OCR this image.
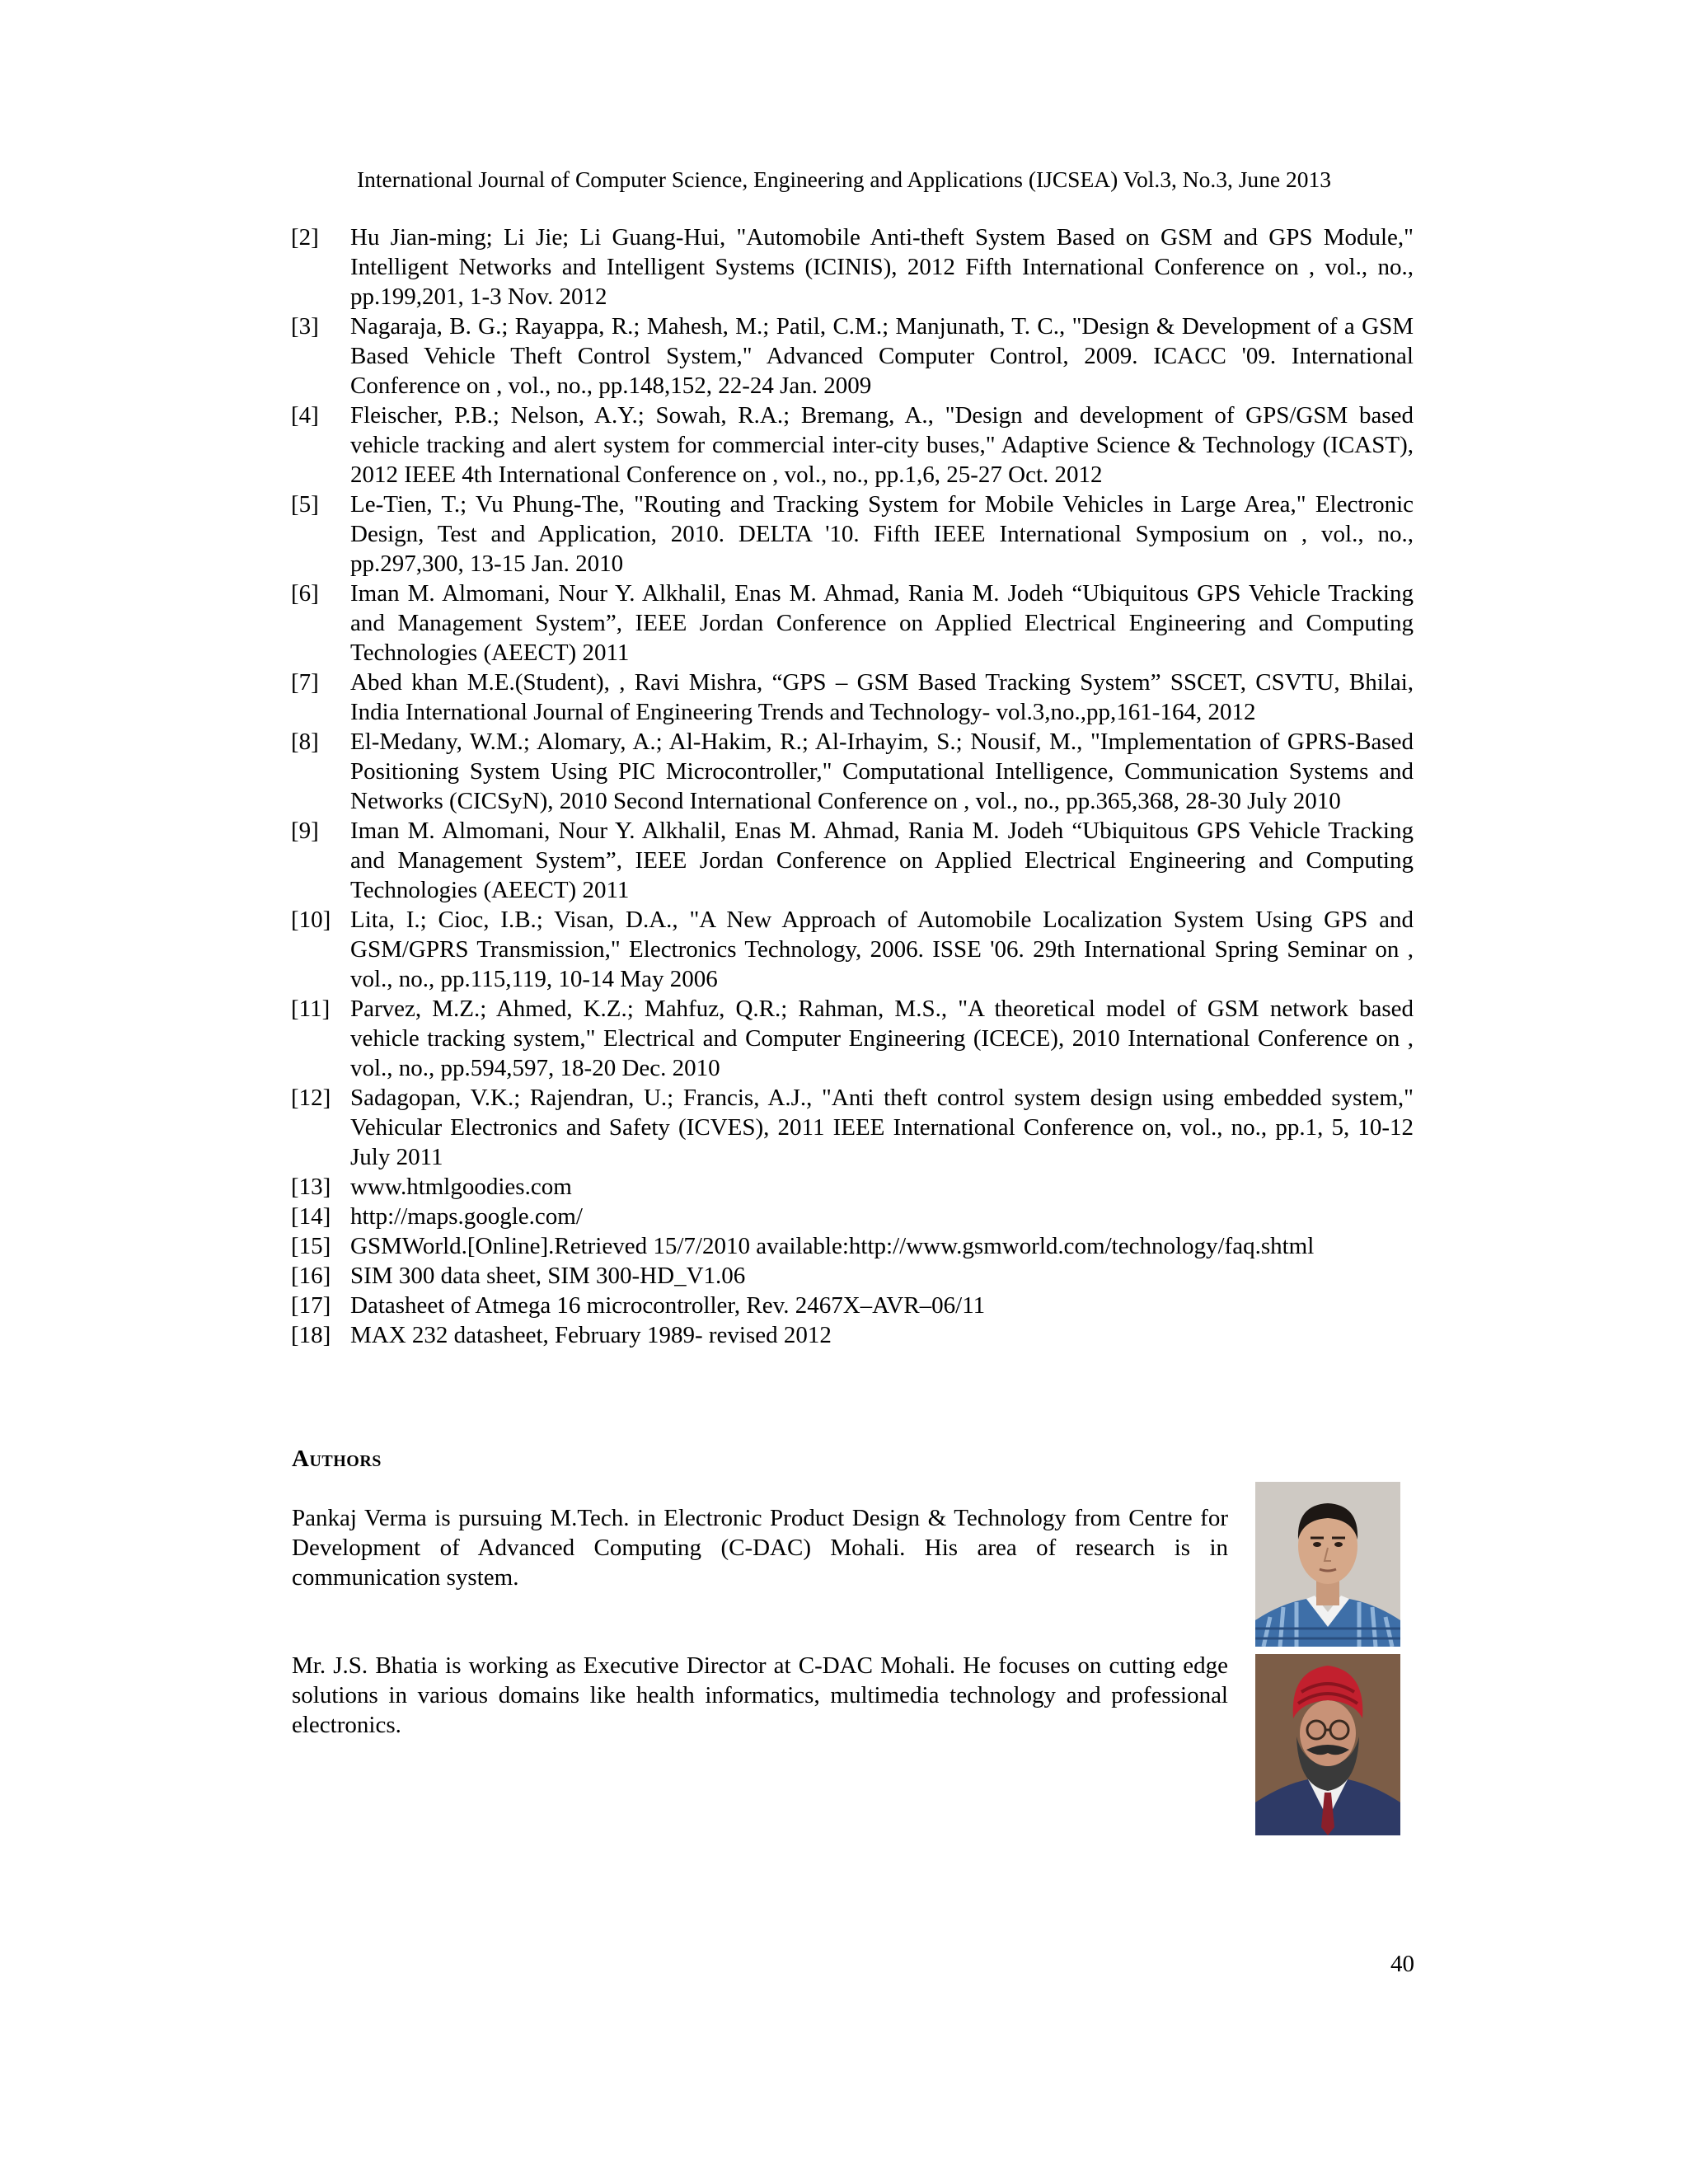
International Journal of Computer Science, Engineering and Applications (IJCSEA) Vol.3, No.3, June 2013
[2] Hu Jian-ming; Li Jie; Li Guang-Hui, "Automobile Anti-theft System Based on GSM and GPS Module," Intelligent Networks and Intelligent Systems (ICINIS), 2012 Fifth International Conference on , vol., no., pp.199,201, 1-3 Nov. 2012
[3] Nagaraja, B. G.; Rayappa, R.; Mahesh, M.; Patil, C.M.; Manjunath, T. C., "Design & Development of a GSM Based Vehicle Theft Control System," Advanced Computer Control, 2009. ICACC '09. International Conference on , vol., no., pp.148,152, 22-24 Jan. 2009
[4] Fleischer, P.B.; Nelson, A.Y.; Sowah, R.A.; Bremang, A., "Design and development of GPS/GSM based vehicle tracking and alert system for commercial inter-city buses," Adaptive Science & Technology (ICAST), 2012 IEEE 4th International Conference on , vol., no., pp.1,6, 25-27 Oct. 2012
[5] Le-Tien, T.; Vu Phung-The, "Routing and Tracking System for Mobile Vehicles in Large Area," Electronic Design, Test and Application, 2010. DELTA '10. Fifth IEEE International Symposium on , vol., no., pp.297,300, 13-15 Jan. 2010
[6] Iman M. Almomani, Nour Y. Alkhalil, Enas M. Ahmad, Rania M. Jodeh “Ubiquitous GPS Vehicle Tracking and Management System”, IEEE Jordan Conference on Applied Electrical Engineering and Computing Technologies (AEECT) 2011
[7] Abed khan M.E.(Student), , Ravi Mishra, “GPS – GSM Based Tracking System” SSCET, CSVTU, Bhilai, India International Journal of Engineering Trends and Technology- vol.3,no.,pp,161-164, 2012
[8] El-Medany, W.M.; Alomary, A.; Al-Hakim, R.; Al-Irhayim, S.; Nousif, M., "Implementation of GPRS-Based Positioning System Using PIC Microcontroller," Computational Intelligence, Communication Systems and Networks (CICSyN), 2010 Second International Conference on , vol., no., pp.365,368, 28-30 July 2010
[9] Iman M. Almomani, Nour Y. Alkhalil, Enas M. Ahmad, Rania M. Jodeh “Ubiquitous GPS Vehicle Tracking and Management System”, IEEE Jordan Conference on Applied Electrical Engineering and Computing Technologies (AEECT) 2011
[10] Lita, I.; Cioc, I.B.; Visan, D.A., "A New Approach of Automobile Localization System Using GPS and GSM/GPRS Transmission," Electronics Technology, 2006. ISSE '06. 29th International Spring Seminar on , vol., no., pp.115,119, 10-14 May 2006
[11] Parvez, M.Z.; Ahmed, K.Z.; Mahfuz, Q.R.; Rahman, M.S., "A theoretical model of GSM network based vehicle tracking system," Electrical and Computer Engineering (ICECE), 2010 International Conference on , vol., no., pp.594,597, 18-20 Dec. 2010
[12] Sadagopan, V.K.; Rajendran, U.; Francis, A.J., "Anti theft control system design using embedded system," Vehicular Electronics and Safety (ICVES), 2011 IEEE International Conference on, vol., no., pp.1, 5, 10-12 July 2011
[13] www.htmlgoodies.com
[14] http://maps.google.com/
[15] GSMWorld.[Online].Retrieved 15/7/2010 available:http://www.gsmworld.com/technology/faq.shtml
[16] SIM 300 data sheet, SIM 300-HD_V1.06
[17] Datasheet of Atmega 16 microcontroller, Rev. 2467X–AVR–06/11
[18] MAX 232 datasheet, February 1989- revised 2012
Authors
Pankaj Verma is pursuing M.Tech. in Electronic Product Design & Technology from Centre for Development of Advanced Computing (C-DAC) Mohali. His area of research is in communication system.
Mr. J.S. Bhatia is working as Executive Director at C-DAC Mohali. He focuses on cutting edge solutions in various domains like health informatics, multimedia technology and professional electronics.
40
